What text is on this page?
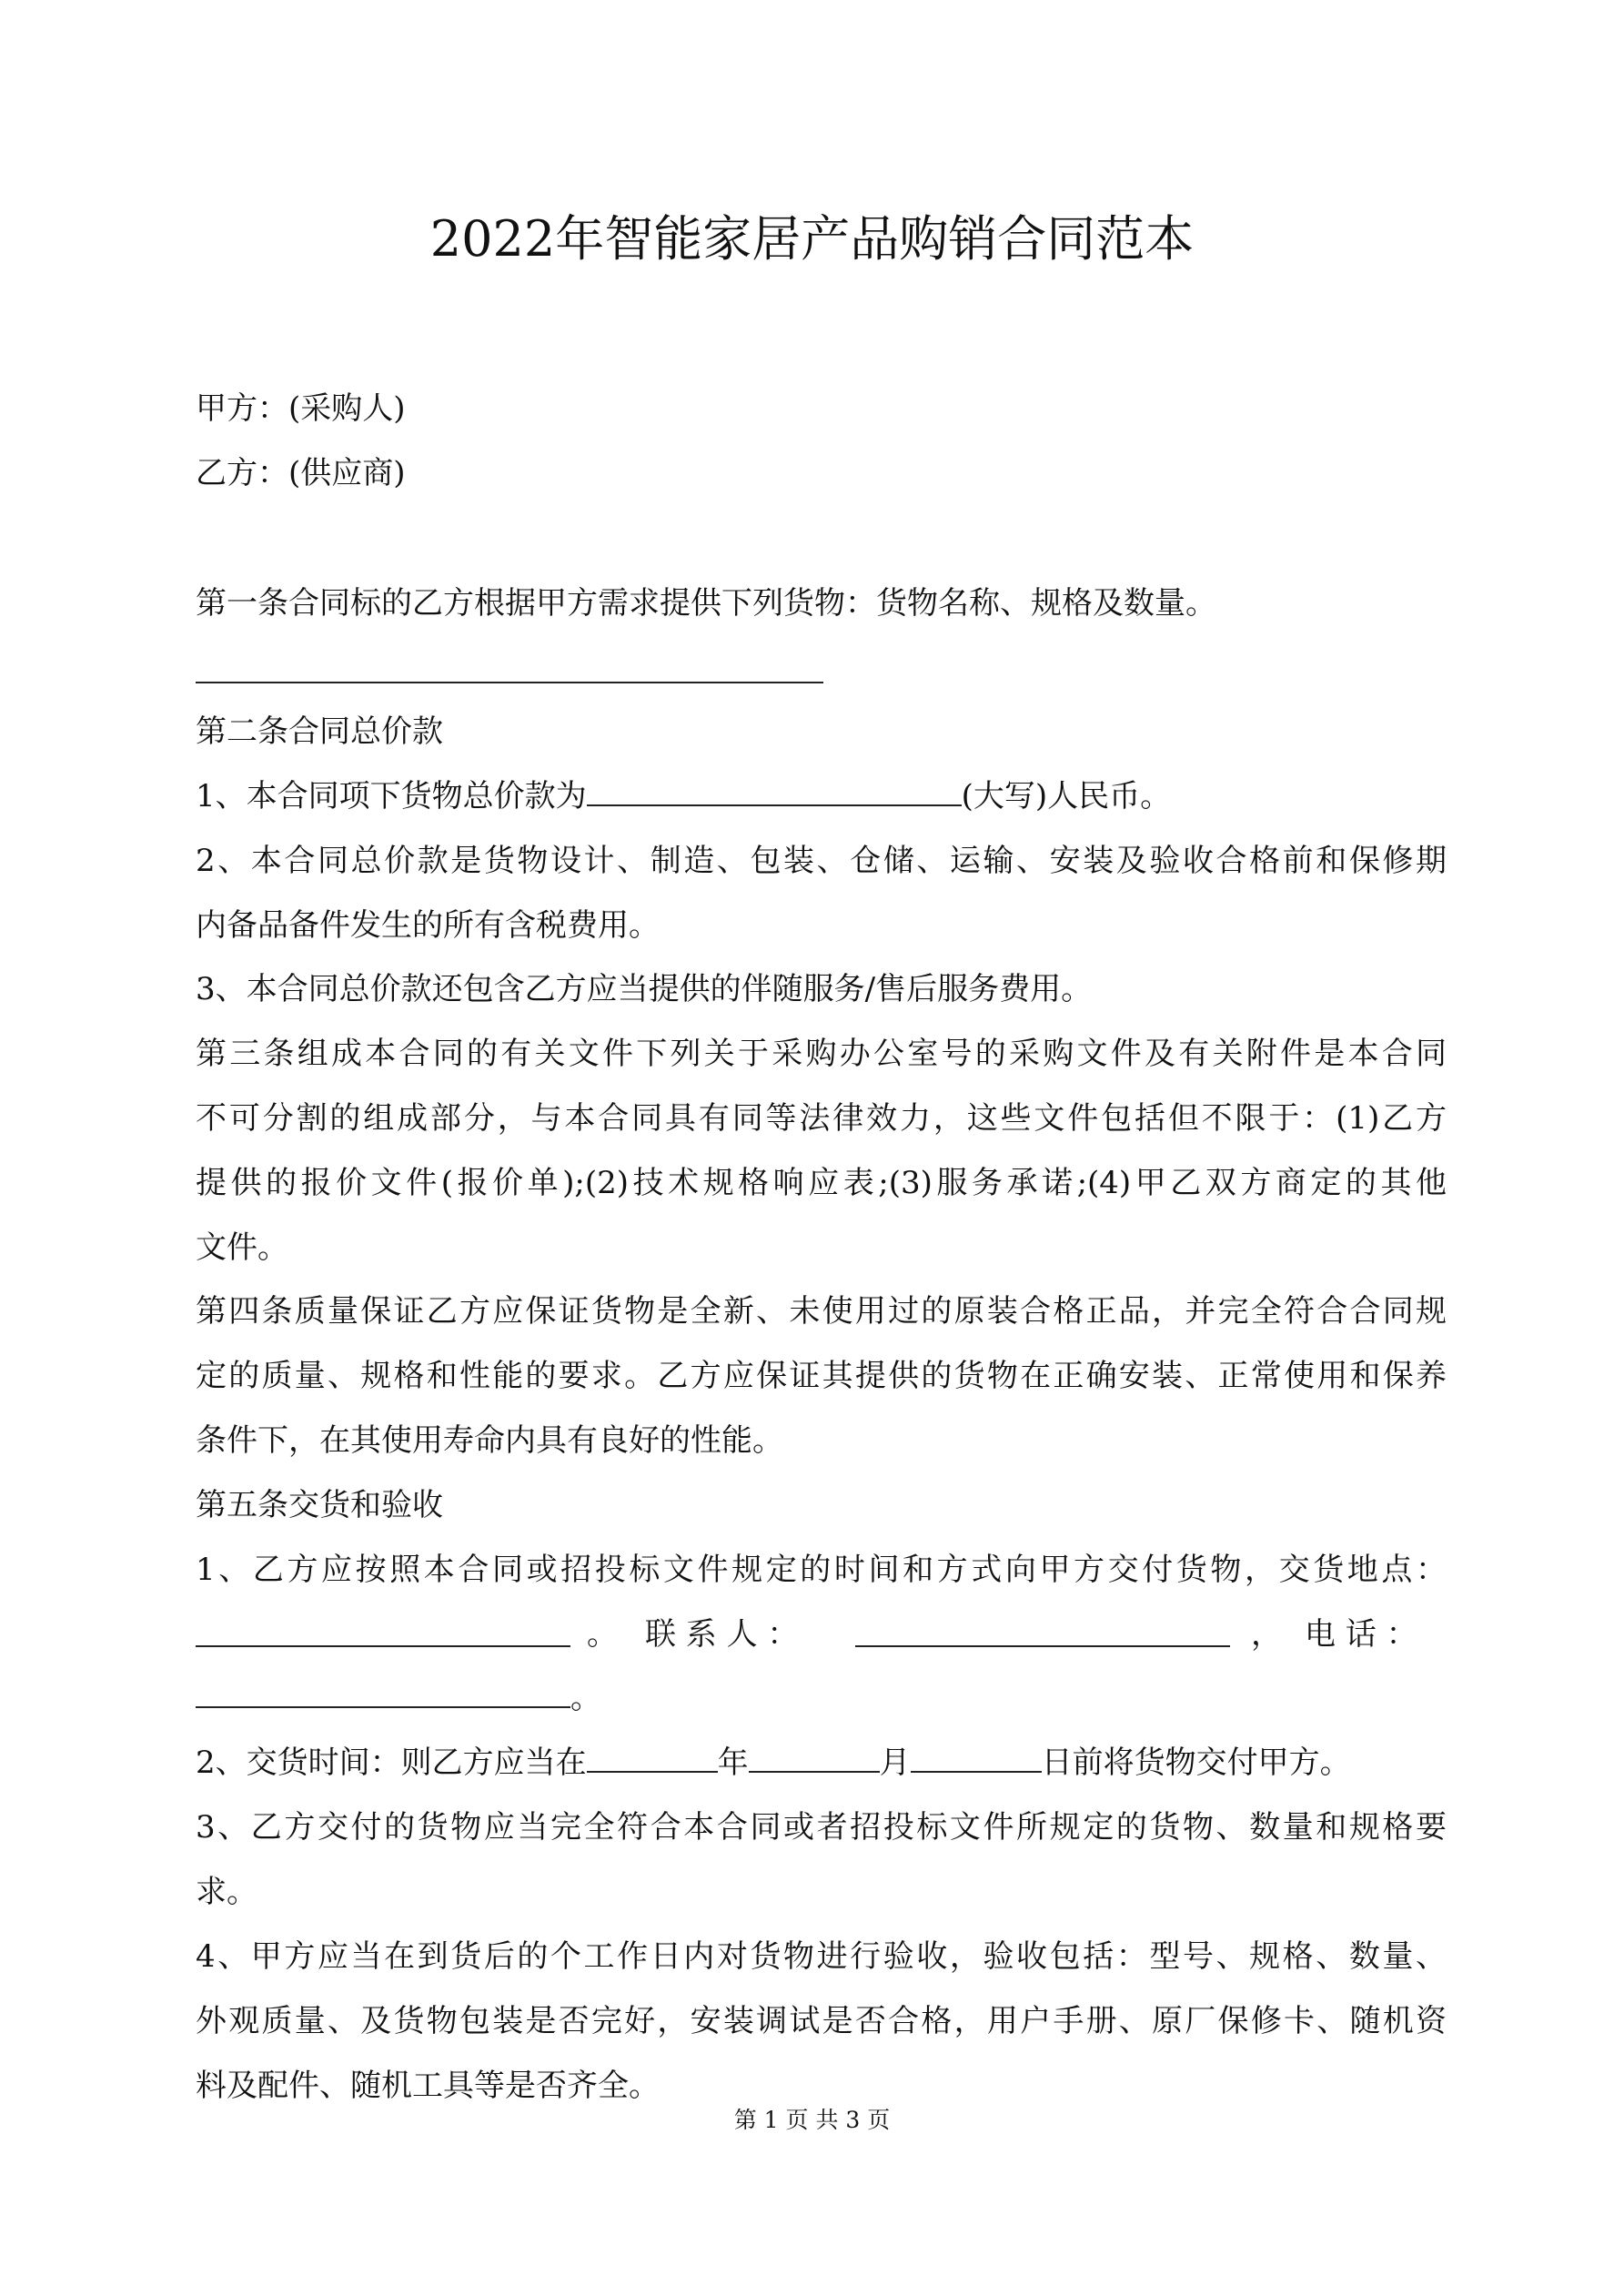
2022年智能家居产品购销合同范本
甲方：(采购人)
乙方：(供应商)
第一条合同标的乙方根据甲方需求提供下列货物：货物名称、规格及数量。
第二条合同总价款
1、本合同项下货物总价款为	(大写)人民币。
2、本合同总价款是货物设计、制造、包装、仓储、运输、安装及验收合格前和保修期
内备品备件发生的所有含税费用。
3、本合同总价款还包含乙方应当提供的伴随服务/售后服务费用。
第三条组成本合同的有关文件下列关于采购办公室号的采购文件及有关附件是本合同
不可分割的组成部分，与本合同具有同等法律效力，这些文件包括但不限于：(1)乙方
提供的报价文件(报价单);(2)技术规格响应表;(3)服务承诺;(4)甲乙双方商定的其他
文件。
第四条质量保证乙方应保证货物是全新、未使用过的原装合格正品，并完全符合合同规
定的质量、规格和性能的要求。乙方应保证其提供的货物在正确安装、正常使用和保养
条件下，在其使用寿命内具有良好的性能。
第五条交货和验收
1、乙方应按照本合同或招投标文件规定的时间和方式向甲方交付货物，交货地点：
。 联 系 人 ：	， 电 话 ：
。
2、交货时间：则乙方应当在	年	月	日前将货物交付甲方。
3、乙方交付的货物应当完全符合本合同或者招投标文件所规定的货物、数量和规格要
求。
4、甲方应当在到货后的个工作日内对货物进行验收，验收包括：型号、规格、数量、
外观质量、及货物包装是否完好，安装调试是否合格，用户手册、原厂保修卡、随机资
料及配件、随机工具等是否齐全。
第 1 页 共 3 页
